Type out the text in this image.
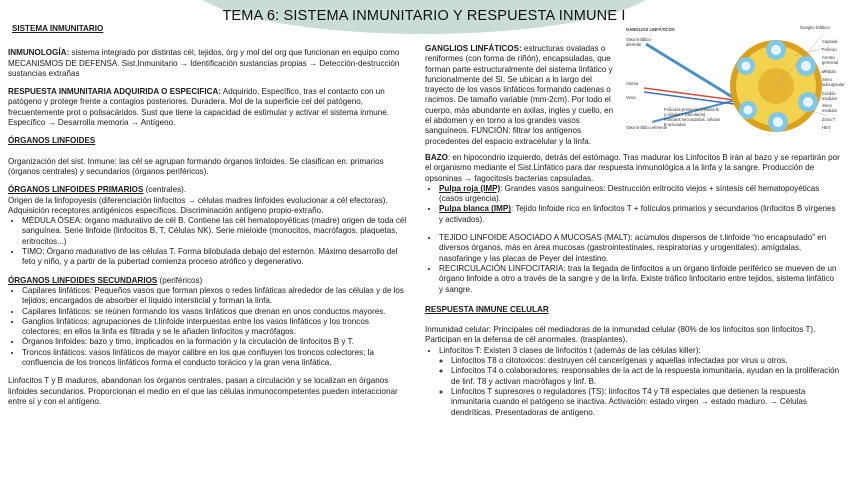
TEMA 6: SISTEMA INMUNITARIO Y RESPUESTA INMUNE I

SISTEMA INMUNITARIO

INMUNOLOGÍA: sistema integrado por distintas cél, tejidos, órg y mol del org que funcionan en equipo como MECANISMOS DE DEFENSA. Sist.Inmunitario → Identificación sustancias propias → Detección-destrucción sustancias extrañas

RESPUESTA INMUNITARIA ADQUIRIDA O ESPECIFICA: Adquirido, Específico, tras el contacto con un patógeno y protege frente a contagios posteriores. Duradera. Mol de la superficie cel del patógeno, frecuentemente prot o polisacáridos. Sust que tiene la capacidad de estimular y activar el sistema inmune. Específico → Desarrolla memoria → Antígeno.

ÓRGANOS LINFOIDES

Organización del sist. Inmune: las cél se agrupan formando órganos linfoides. Se clasifican en: primarios (órganos centrales) y secundarios (órganos periféricos).

ÓRGANOS LINFOIDES PRIMARIOS (centrales).
Origen de la linfopoyesis (diferenciación linfocitos → células madres linfoides evolucionar a cél efectoras). Adquisición receptores antigénicos específicos. Discriminación antígeno propio-extraño.
• MÉDULA ÓSEA: órgano madurativo de cél B. Contiene las cél hematopoyéticas (madre) origen de toda cél sanguínea. Serie linfoide (linfocitos B, T, Células NK). Serie mieloide (monocitos, macrófagos, plaquetas, eritrocitos...)
• TIMO: Órgano madurativo de las células T. Forma bilobulada debajo del esternón. Máximo desarrollo del feto y niño, y a partir de la pubertad comienza proceso atrófico y degenerativo.
ÓRGANOS LINFOIDES SECUNDARIOS (periféricos)
• Capilares linfáticos: Pequeños vasos que forman plexos o redes linfáticas alrededor de las células y de los tejidos; encargados de absorber el líquido intersticial y forman la linfa.
• Capilares linfáticos: se reúnen formando los vasos linfáticos que drenan en unos conductos mayores.
• Ganglios linfáticos: agrupaciones de t.linfoide interpuestas entre los vasos linfáticos y los troncos colectores; en ellos la linfa es filtrada y se le añaden linfocitos y macrófagos.
• Órganos linfoides: bazo y timo, implicados en la formación y la circulación de linfocitos B y T.
• Troncos linfáticos: vasos linfáticos de mayor calibre en los que confluyen los troncos colectores; la confluencia de los troncos linfáticos forma el conducto torácico y la gran vena linfática.

Linfocitos T y B maduros, abandonan los órganos centrales, pasan a circulación y se localizan en órganos linfoides secundarios. Proporcionan el medio en el que las células inmunocompetentes pueden interaccionar entre sí y con el antígeno.

GANGLIOS LINFÁTICOS: estructuras ovaladas o reniformes (con forma de riñón), encapsuladas, que forman parte estructuralmente del sistema linfático y funcionalmente del SI. Se ubican a lo largo del trayecto de los vasos linfáticos formando cadenas o racimos. De tamaño variable (mm-2cm). Por todo el cuerpo, más abundante en axilas, ingles y cuello, en el abdomen y en torno a los grandes vasos sanguíneos. FUNCIÓN: filtrar los antígenos procedentes del espacio extracelular y la linfa.
GANGLIOS LINFÁTICOS	Ganglio linfático
Cápsula
Folículo
Centro germinal
Médula
Seno subcapsular
Vaso linfático aferente
Vaso linfático eferente
Arteria
Vena
Cordón medular
Seno medular
Zona T
HEV
Folículos primarios (células B y células T foliculares)
Folículos secundarios: células B activadas

BAZO: en hipocondrio izquierdo, detrás del estómago. Tras madurar los Linfocitos B irán al bazo y se repartirán por el organismo mediante el Sist.Linfático para dar respuesta inmunológica a la linfa y la sangre. Producción de opsoninas → fagocitosis bacterias capsuladas.

• Pulpa roja (IMP): Grandes vasos sanguíneos: Destrucción eritrocito viejos + síntesis cél hematopoyéticas (casos urgencia).
• Pulpa blanca (IMP): Tejido linfoide rico en linfocitos T + folículos primarios y secundarios (linfocitos B vírgenes y activados).
• TEJIDO LINFOIDE ASOCIADO A MUCOSAS (MALT): acúmulos dispersos de t.linfoide “no encapsulado” en diversos órganos, más en área mucosas (gastrointestinales, respiratorias y urogenitales): amígdalas, nasofaringe y las placas de Peyer del intestino.
• RECIRCULACIÓN LINFOCITARIA: tras la llegada de linfocitos a un órgano linfoide periférico se mueven de un órgano linfoide a otro a través de la sangre y de la linfa. Existe tráfico linfocitario entre tejidos, sistema linfático y sangre.

RESPUESTA INMUNE CELULAR

Inmunidad celular: Principales cél mediadoras de la inmunidad celular (80% de los linfocitos son linfocitos T). Participan en la defensa de cél anormales. (trasplantes).

• Linfocitos T: Existen 3 clases de linfocitos t (además de las células killer):
◦ Linfocitos T8 o citotoxicos: destruyen cél cancerígenas y aquellas infectadas por virus u otros.
◦ Linfocitos T4 o colaboradores: responsables de la act de la respuesta inmunitaria, ayudan en la proliferación de linf. T8 y activan macrófagos y linf. B.
◦ Linfocitos T supresores o reguladores (TS): linfocitos T4 y T8 especiales que detienen la respuesta inmunitaria cuando el patógeno se inactiva. Activación: estado virgen → estado maduro. → Células dendríticas. Presentadoras de antígeno.
